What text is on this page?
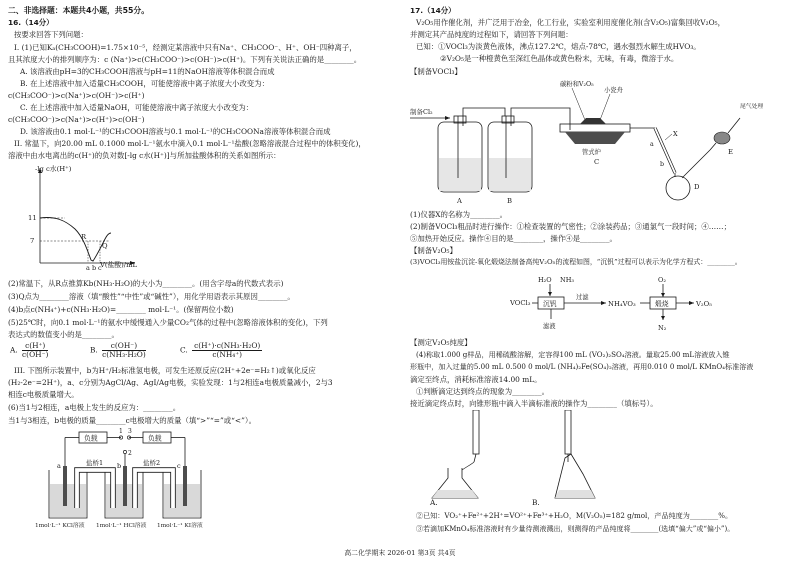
二、非选择题：本题共4小题，共55分。
16.（14分）
按要求回答下列问题：
I. (1)已知Kₐ(CH₃COOH)=1.75×10⁻⁵，经测定某溶液中只有Na⁺、CH₃COO⁻、H⁺、OH⁻四种离子，
且其浓度大小的排列顺序为：c (Na⁺)>c(CH₃COO⁻)>c(OH⁻)>c(H⁺)。下列有关说法正确的是________。
A. 该溶液由pH=3的CH₃COOH溶液与pH=11的NaOH溶液等体积混合而成
B. 在上述溶液中加入适量CH₃COOH，可能使溶液中离子浓度大小改变为：
c(CH₃COO⁻)>c(Na⁺)>c(OH⁻)>c(H⁺)
C. 在上述溶液中加入适量NaOH，可能使溶液中离子浓度大小改变为：
c(CH₃COO⁻)>c(Na⁺)>c(H⁺)>c(OH⁻)
D. 该溶液由0.1 mol·L⁻¹的CH₃COOH溶液与0.1 mol·L⁻¹的CH₃COONa溶液等体积混合而成
II. 常温下，向20.00 mL 0.1000 mol·L⁻¹氨水中滴入0.1 mol·L⁻¹盐酸(忽略溶液混合过程中的体积变化)，
溶液中由水电离出的c(H⁺)的负对数[-lg c水(H⁺)]与所加盐酸体积的关系如图所示：
-lg c水(H⁺)
11
7	R
Q
a b c
V(盐酸)/mL
(2)常温下，从R点推算Kb(NH₃·H₂O)的大小为________。(用含字母a的代数式表示)
(3)Q点为________溶液（填“酸性”“中性”或“碱性”），用化学用语表示其原因________。
(4)b点c(NH₄⁺)+c(NH₃·H₂O)=________ mol·L⁻¹。(保留两位小数)
(5)25℃时，向0.1 mol·L⁻¹的氨水中缓慢通入少量CO₂气体的过程中(忽略溶液体积的变化)，下列
表达式的数值变小的是________。
A. $\frac{c(H^+)}{c(OH^-)}$	B. $\frac{c(OH^-)}{\text{c(NH₃·H₂O)}}$	C. $\frac{\text{c(H⁺)·c(NH₃·H₂O)}}{\text{c(NH₄⁺)}}$
III. 下图所示装置中，b为H⁺/H₂标准氢电极，可发生还原反应(2H⁺+2e⁻=H₂↑)或氧化反应
(H₂-2e⁻=2H⁺)，a、c分别为AgCl/Ag、AgI/Ag电极，实验发现：1与2相连a电极质量减小，2与3
相连c电极质量增大。
(6)当1与2相连，a电极上发生的反应为：________。
当1与3相连，b电极的质量________c电极增大的质量（填“>”“=”或“<”）。
负载	负载
1
2
3
a	b	c
盐桥1	盐桥2
1mol·L⁻¹ KCl溶液 1mol·L⁻¹ HCl溶液 1mol·L⁻¹ KI溶液
17.（14分）
V₂O₅用作催化剂，并广泛用于冶金，化工行业，实验室利用度催化剂(含V₂O₅)富集回收V₂O₅，
并测定其产品纯度的过程如下，请回答下列问题：
已知：①VOCl₃为淡黄色液体，沸点127.2℃，熔点-78℃，遇水强烈水解生成HVO₃。
②V₂O₅是一种橙黄色至深红色晶体或黄色粉末，无味，有毒，微溶于水。
【制备VOCl₃】
制备Cl₂
A	B
碳粉和V₂O₅
小瓷舟
管式炉
C
a
b
X
D
E
尾气处理
(1)仪器X的名称为________。
(2)制备VOCl₃粗品时进行操作：①检查装置的气密性；②涂装药品；③通氯气一段时间；④……；
⑤加热开始反应。操作④目的是________，操作④是________。
【制备V₂O₅】
(3)VOCl₃用铵盐沉淀-氧化煅烧法制备高纯V₂O₅的流程如图，“沉钒”过程可以表示为化学方程式：________。
H₂O NH₃
VOCl₃ 沉钒
过滤
滤液
NH₄VO₃	煅烧
O₂
N₂
V₂O₅
【测定V₂O₅纯度】
(4)称取1.000 g样品，用稀硫酸溶解，定容得100 mL (VO₂)₂SO₄溶液。量取25.00 mL溶液放入锥
形瓶中，加入过量的5.00 mL 0.500 0 mol/L (NH₄)₂Fe(SO₄)₂溶液，再用0.010 0 mol/L KMnO₄标准溶液
滴定至终点，消耗标准溶液14.00 mL。
①判断滴定达到终点的现象为________。
接近滴定终点时，向锥形瓶中滴入半滴标准液的操作为________（填标号）。
A.	B.
②已知：VO₂⁺+Fe²⁺+2H⁺=VO²⁺+Fe³⁺+H₂O，M(V₂O₅)=182 g/mol，产品纯度为________%。
③若滴加KMnO₄标准溶液时有少量待测液溅出，则测得的产品纯度将________(选填“偏大”或“偏小”)。
高二化学期末 2026·01 第3页 共4页
